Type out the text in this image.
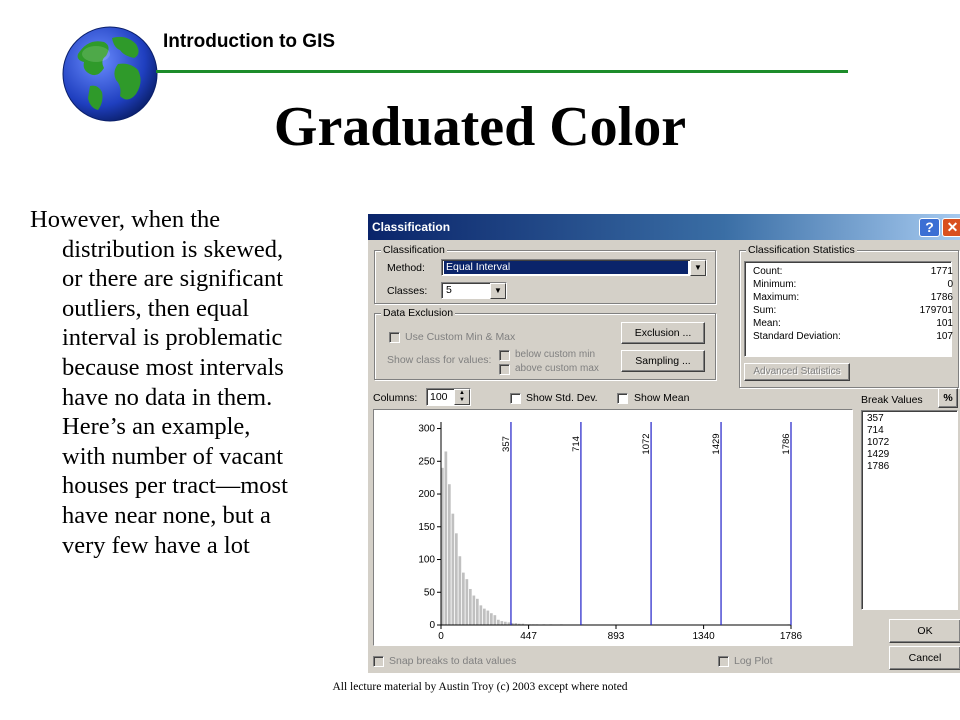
Introduction to GIS
Graduated Color
However, when the
distribution is skewed,
or there are significant
outliers, then equal
interval is problematic
because most intervals
have no data in them.
Here’s an example,
with number of vacant
houses per tract—most
have near none, but a
very few have a lot
All lecture material by Austin Troy (c) 2003 except where noted
Classification	? ✕
Classification
Method: Equal Interval	▼
Classes: 5	▼
Data Exclusion
Use Custom Min & Max
Show class for values: below custom min
above custom max
Exclusion ...
Sampling ...
Classification Statistics
Count:	1771
Minimum:	0
Maximum:	1786
Sum:	179701
Mean:	101
Standard Deviation:	107
Advanced Statistics
Columns: 100	▲
▼	Show Std. Dev.	Show Mean
0
50
100
150
200
250
300
0	447	893	1340	1786
357	714	1072	1429	1786
Break Values	%
357
714
1072
1429
1786
Snap breaks to data values	Log Plot
OK
Cancel
